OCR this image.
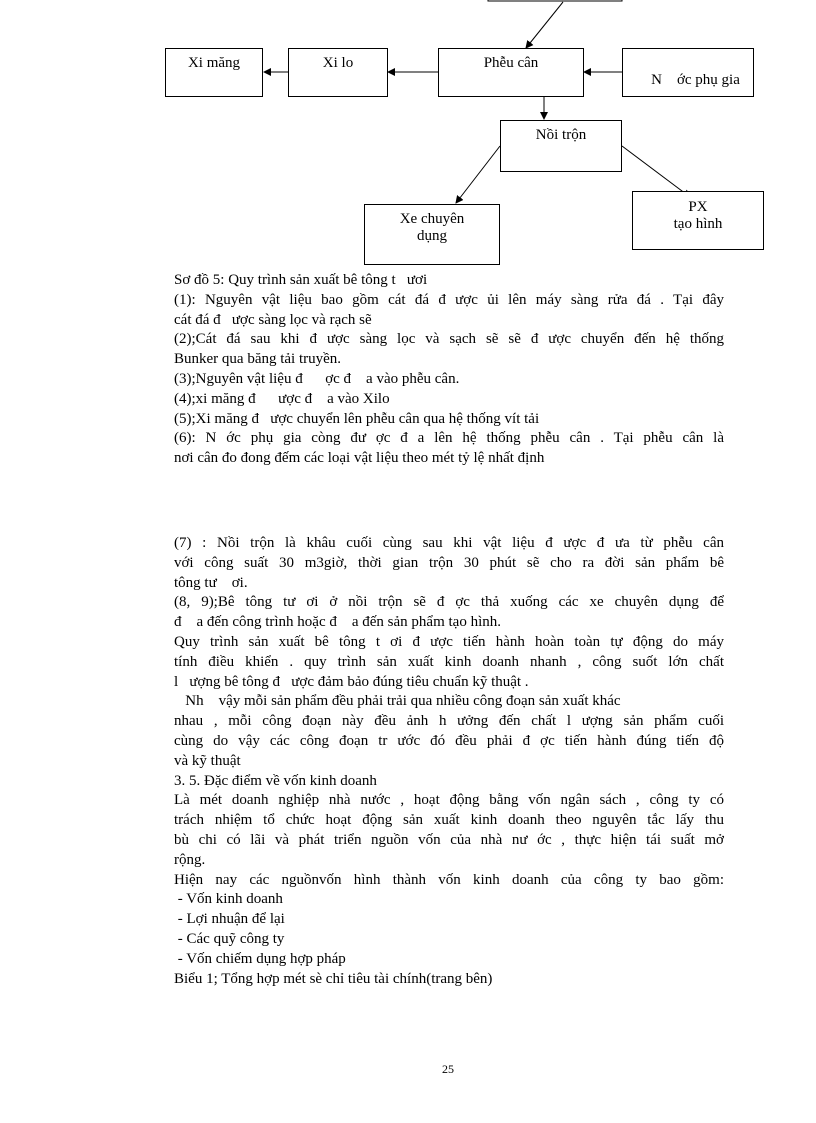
Xi măng	Xi lo	Phễu cân

N    ớc phụ gia

Nồi trộn
Xe chuyên
dụng
PX
tạo hình
Sơ đồ 5: Quy trình sản xuất bê tông t   ươi
(1): Nguyên vật liệu bao gồm cát đá đ ược ủi lên máy sàng rửa đá . Tại đây
cát đá đ   ược sàng lọc và rạch sẽ
(2);Cát đá sau khi đ ược sàng lọc và sạch sẽ sẽ đ ược chuyển đến hệ thống
Bunker qua băng tải truyền.
(3);Nguyên vật liệu đ      ợc đ    a vào phễu cân.
(4);xi măng đ      ược đ    a vào Xilo
(5);Xi măng đ   ược chuyển lên phễu cân qua hệ thống vít tải
(6): N ớc phụ gia còng đư ợc đ a lên hệ thống phễu cân . Tại phễu cân là
nơi cân đo đong đếm các loại vật liệu theo mét tỷ lệ nhất định
(7) : Nồi trộn là khâu cuối cùng sau khi vật liệu đ ược đ ưa từ phễu cân
với công suất 30 m3giờ, thời gian trộn 30 phút sẽ cho ra đời sản phẩm bê
tông tư    ơi.
(8, 9);Bê tông tư ơi ở nồi trộn sẽ đ ợc thả xuống các xe chuyên dụng để
đ    a đến công trình hoặc đ    a đến sản phẩm tạo hình.
Quy trình sản xuất bê tông t ơi đ ược tiến hành hoàn toàn tự động do máy
tính điều khiển . quy trình sản xuất kinh doanh nhanh , công suốt lớn chất
l   ượng bê tông đ   ược đảm bảo đúng tiêu chuẩn kỹ thuật .
Nh    vậy mỗi sản phẩm đều phải trải qua nhiều công đoạn sản xuất khác
nhau , mỗi công đoạn này đều ảnh h ưởng đến chất l ượng sản phẩm cuối
cùng do vậy các công đoạn tr ước đó đều phải đ ợc tiến hành đúng tiến độ
và kỹ thuật
3. 5. Đặc điểm về vốn kinh doanh
Là mét doanh nghiệp nhà nước , hoạt động bằng vốn ngân sách , công ty có
trách nhiệm tổ chức hoạt động sản xuất kinh doanh theo nguyên tắc lấy thu
bù chi có lãi và phát triển nguồn vốn của nhà nư ớc , thực hiện tái suất mở
rộng.
Hiện nay các nguồnvốn hình thành vốn kinh doanh của công ty bao gồm:
- Vốn kinh doanh
- Lợi nhuận để lại
- Các quỹ công ty
- Vốn chiếm dụng hợp pháp
Biểu 1; Tổng hợp mét sè chỉ tiêu tài chính(trang bên)
25
